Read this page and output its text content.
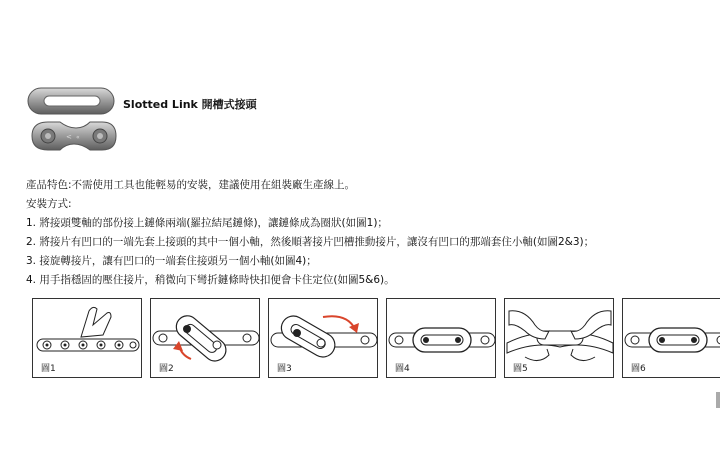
< «
Slotted Link 開槽式接頭
產品特色:不需使用工具也能輕易的安裝，建議使用在組裝廠生產線上。
安裝方式:
1. 將接頭雙軸的部份接上鏈條兩端(羅拉結尾鏈條)，讓鏈條成為圈狀(如圖1)；
2. 將接片有凹口的一端先套上接頭的其中一個小軸，然後順著接片凹槽推動接片，讓沒有凹口的那端套住小軸(如圖2&3)；
3. 接旋轉接片，讓有凹口的一端套住接頭另一個小軸(如圖4)；
4. 用手指穩固的壓住接片，稍微向下彎折鏈條時快扣便會卡住定位(如圖5&6)。
圖1	圖2	圖3	圖4	圖5	圖6
